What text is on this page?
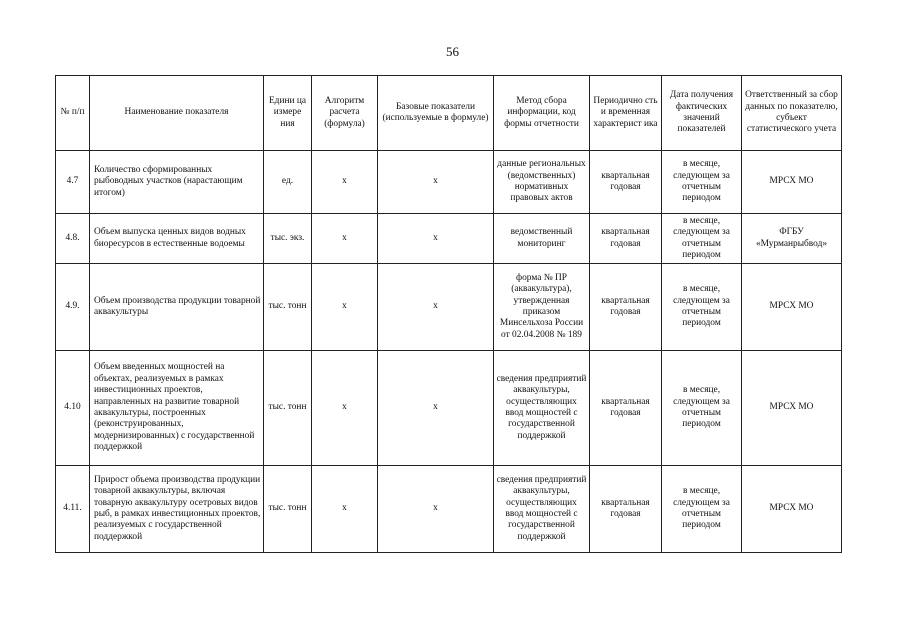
56
№ п/п	Наименование показателя	Едини ца измере ния	Алгоритм расчета (формула)	Базовые показатели (используемые в формуле)	Метод сбора информации, код формы отчетности	Периодично сть и временная характерист ика	Дата получения фактических значений показателей	Ответственный за сбор данных по показателю, субъект статистического учета
4.7	Количество сформированных рыбоводных участков (нарастающим итогом)	ед.	х	х	данные региональных (ведомственных) нормативных правовых актов	квартальная годовая	в месяце, следующем за отчетным периодом	МРСХ МО
4.8.	Объем выпуска ценных видов водных биоресурсов в естественные водоемы	тыс. экз.	х	х	ведомственный мониторинг	квартальная годовая	в месяце, следующем за отчетным периодом	ФГБУ «Мурманрыбвод»
4.9.	Объем производства продукции товарной аквакультуры	тыс. тонн	х	х	форма № ПР (аквакультура), утвержденная приказом Минсельхоза России от 02.04.2008 № 189	квартальная годовая	в месяце, следующем за отчетным периодом	МРСХ МО
4.10	Объем введенных мощностей на объектах, реализуемых в рамках инвестиционных проектов, направленных на развитие товарной аквакультуры, построенных (реконструированных, модернизированных) с государственной поддержкой	тыс. тонн	х	х	сведения предприятий аквакультуры, осуществляющих ввод мощностей с государственной поддержкой	квартальная годовая	в месяце, следующем за отчетным периодом	МРСХ МО
4.11.	Прирост объема производства продукции товарной аквакультуры, включая товарную аквакультуру осетровых видов рыб, в рамках инвестиционных проектов, реализуемых с государственной поддержкой	тыс. тонн	х	х	сведения предприятий аквакультуры, осуществляющих ввод мощностей с государственной поддержкой	квартальная годовая	в месяце, следующем за отчетным периодом	МРСХ МО
